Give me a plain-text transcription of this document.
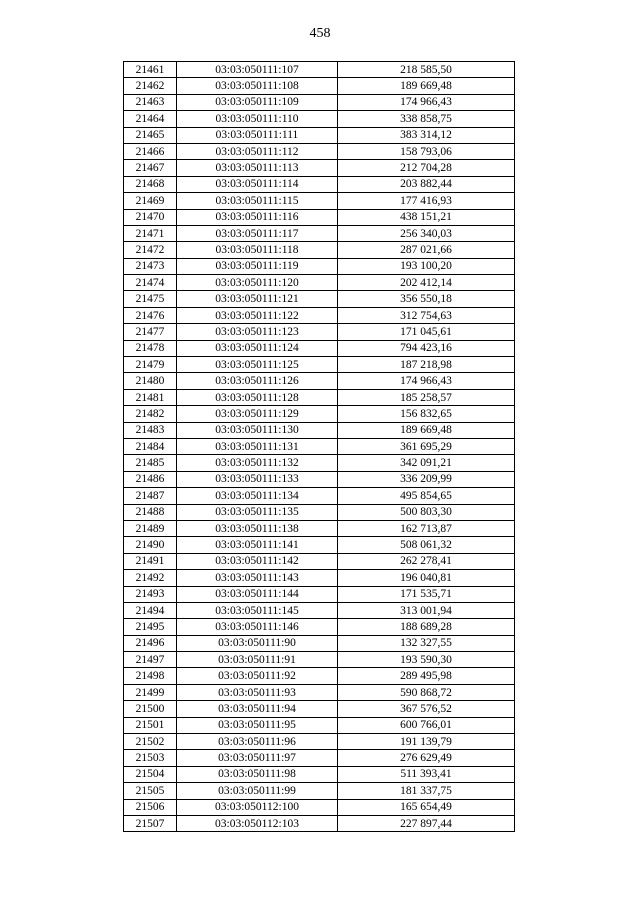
458
21461	03:03:050111:107	218 585,50
21462	03:03:050111:108	189 669,48
21463	03:03:050111:109	174 966,43
21464	03:03:050111:110	338 858,75
21465	03:03:050111:111	383 314,12
21466	03:03:050111:112	158 793,06
21467	03:03:050111:113	212 704,28
21468	03:03:050111:114	203 882,44
21469	03:03:050111:115	177 416,93
21470	03:03:050111:116	438 151,21
21471	03:03:050111:117	256 340,03
21472	03:03:050111:118	287 021,66
21473	03:03:050111:119	193 100,20
21474	03:03:050111:120	202 412,14
21475	03:03:050111:121	356 550,18
21476	03:03:050111:122	312 754,63
21477	03:03:050111:123	171 045,61
21478	03:03:050111:124	794 423,16
21479	03:03:050111:125	187 218,98
21480	03:03:050111:126	174 966,43
21481	03:03:050111:128	185 258,57
21482	03:03:050111:129	156 832,65
21483	03:03:050111:130	189 669,48
21484	03:03:050111:131	361 695,29
21485	03:03:050111:132	342 091,21
21486	03:03:050111:133	336 209,99
21487	03:03:050111:134	495 854,65
21488	03:03:050111:135	500 803,30
21489	03:03:050111:138	162 713,87
21490	03:03:050111:141	508 061,32
21491	03:03:050111:142	262 278,41
21492	03:03:050111:143	196 040,81
21493	03:03:050111:144	171 535,71
21494	03:03:050111:145	313 001,94
21495	03:03:050111:146	188 689,28
21496	03:03:050111:90	132 327,55
21497	03:03:050111:91	193 590,30
21498	03:03:050111:92	289 495,98
21499	03:03:050111:93	590 868,72
21500	03:03:050111:94	367 576,52
21501	03:03:050111:95	600 766,01
21502	03:03:050111:96	191 139,79
21503	03:03:050111:97	276 629,49
21504	03:03:050111:98	511 393,41
21505	03:03:050111:99	181 337,75
21506	03:03:050112:100	165 654,49
21507	03:03:050112:103	227 897,44
